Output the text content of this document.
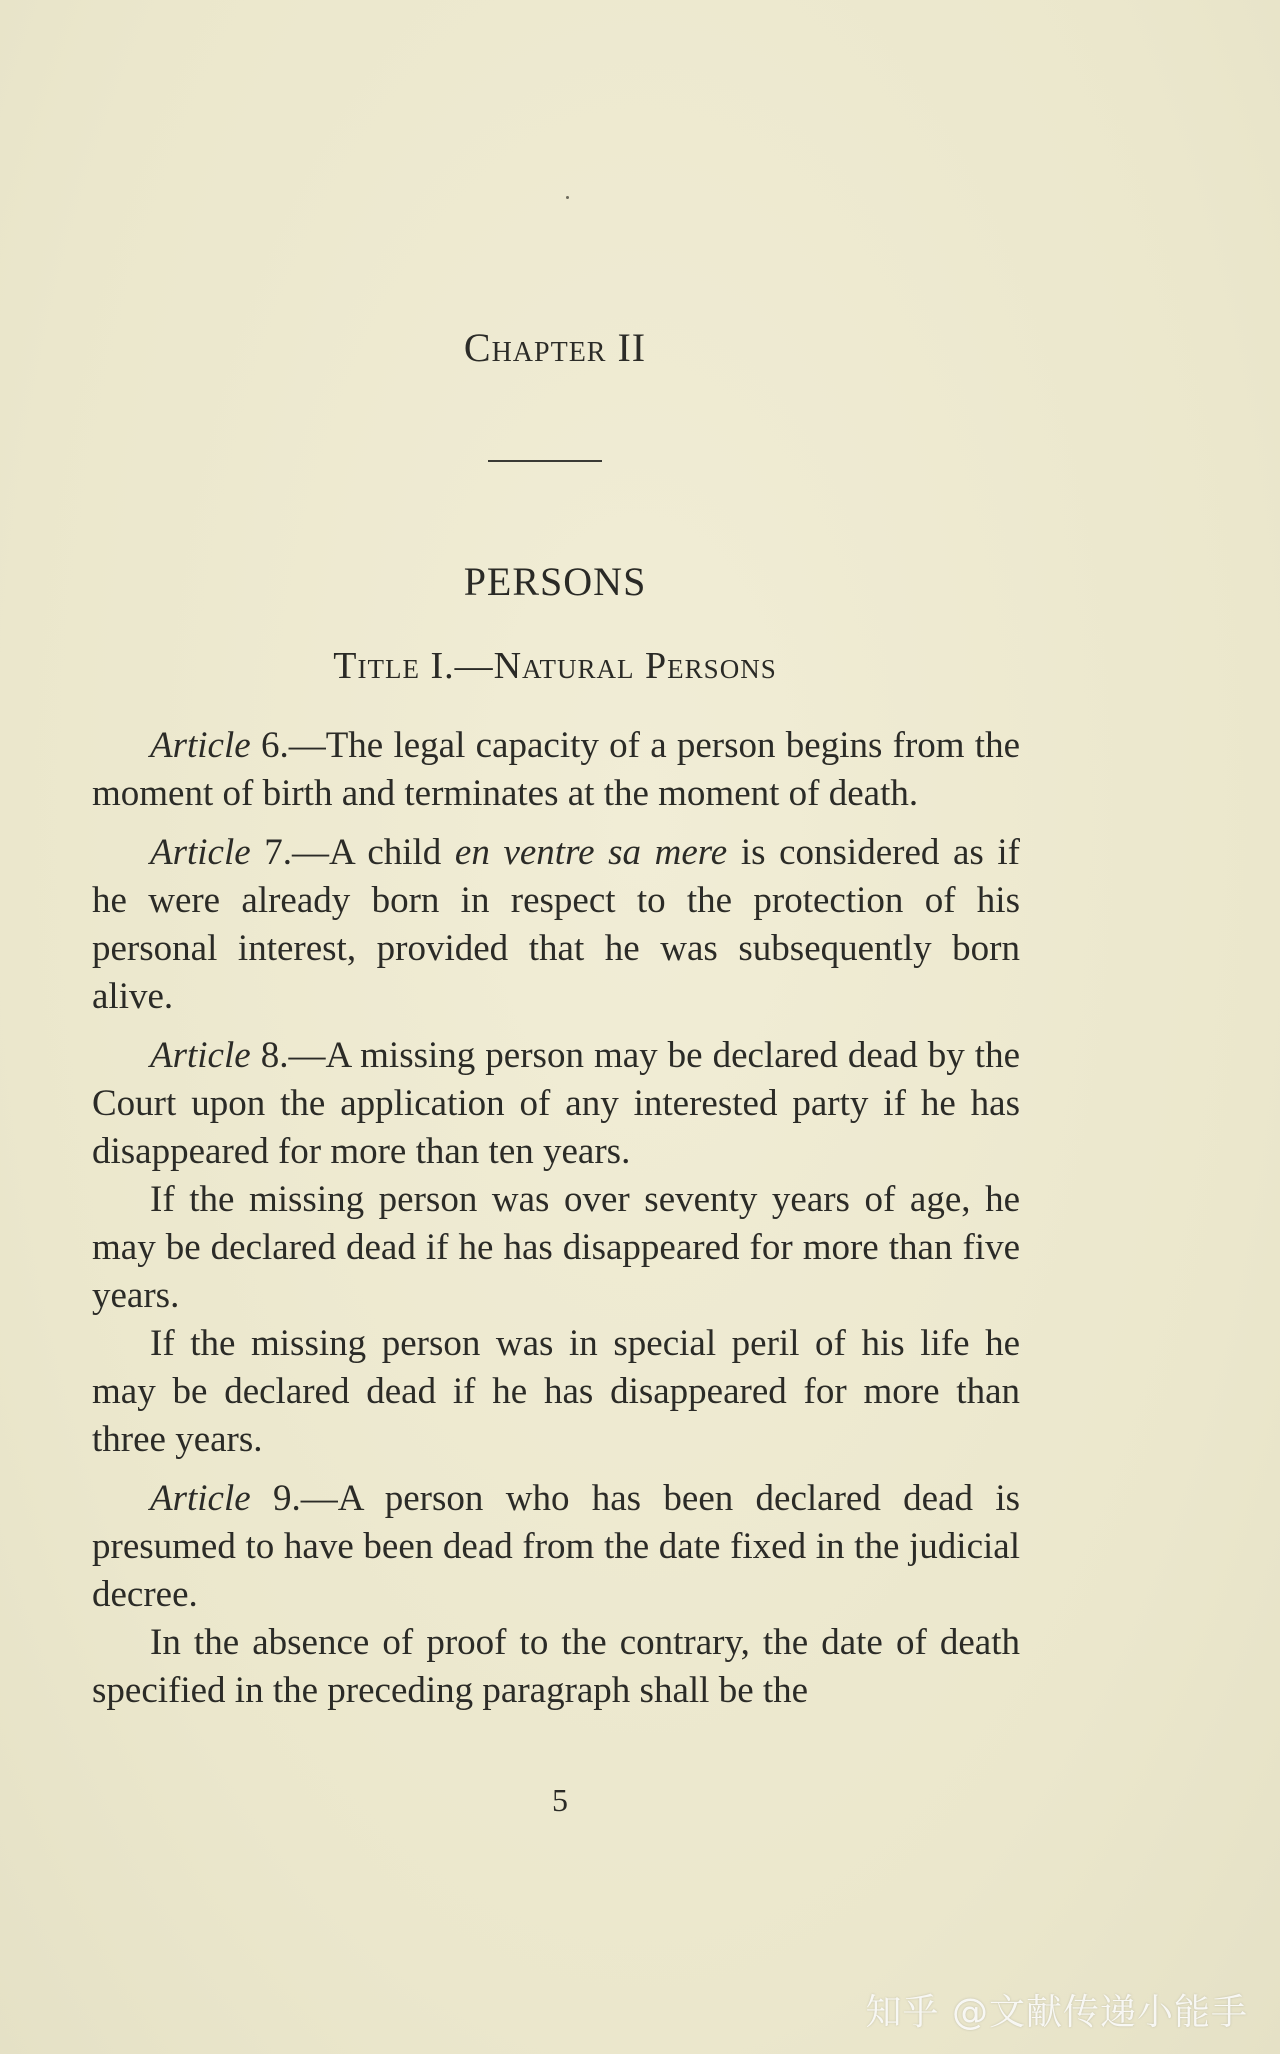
Chapter II
PERSONS
Title I.—Natural Persons

Article 6.—The legal capacity of a person begins from the moment of birth and terminates at the moment of death.

Article 7.—A child en ventre sa mere is considered as if he were already born in respect to the protection of his personal interest, provided that he was subsequently born alive.

Article 8.—A missing person may be declared dead by the Court upon the application of any interested party if he has disappeared for more than ten years.

If the missing person was over seventy years of age, he may be declared dead if he has disappeared for more than five years.

If the missing person was in special peril of his life he may be declared dead if he has disappeared for more than three years.

Article 9.—A person who has been declared dead is presumed to have been dead from the date fixed in the judicial decree.

In the absence of proof to the contrary, the date of death specified in the preceding paragraph shall be the

5
知乎 @文献传递小能手
